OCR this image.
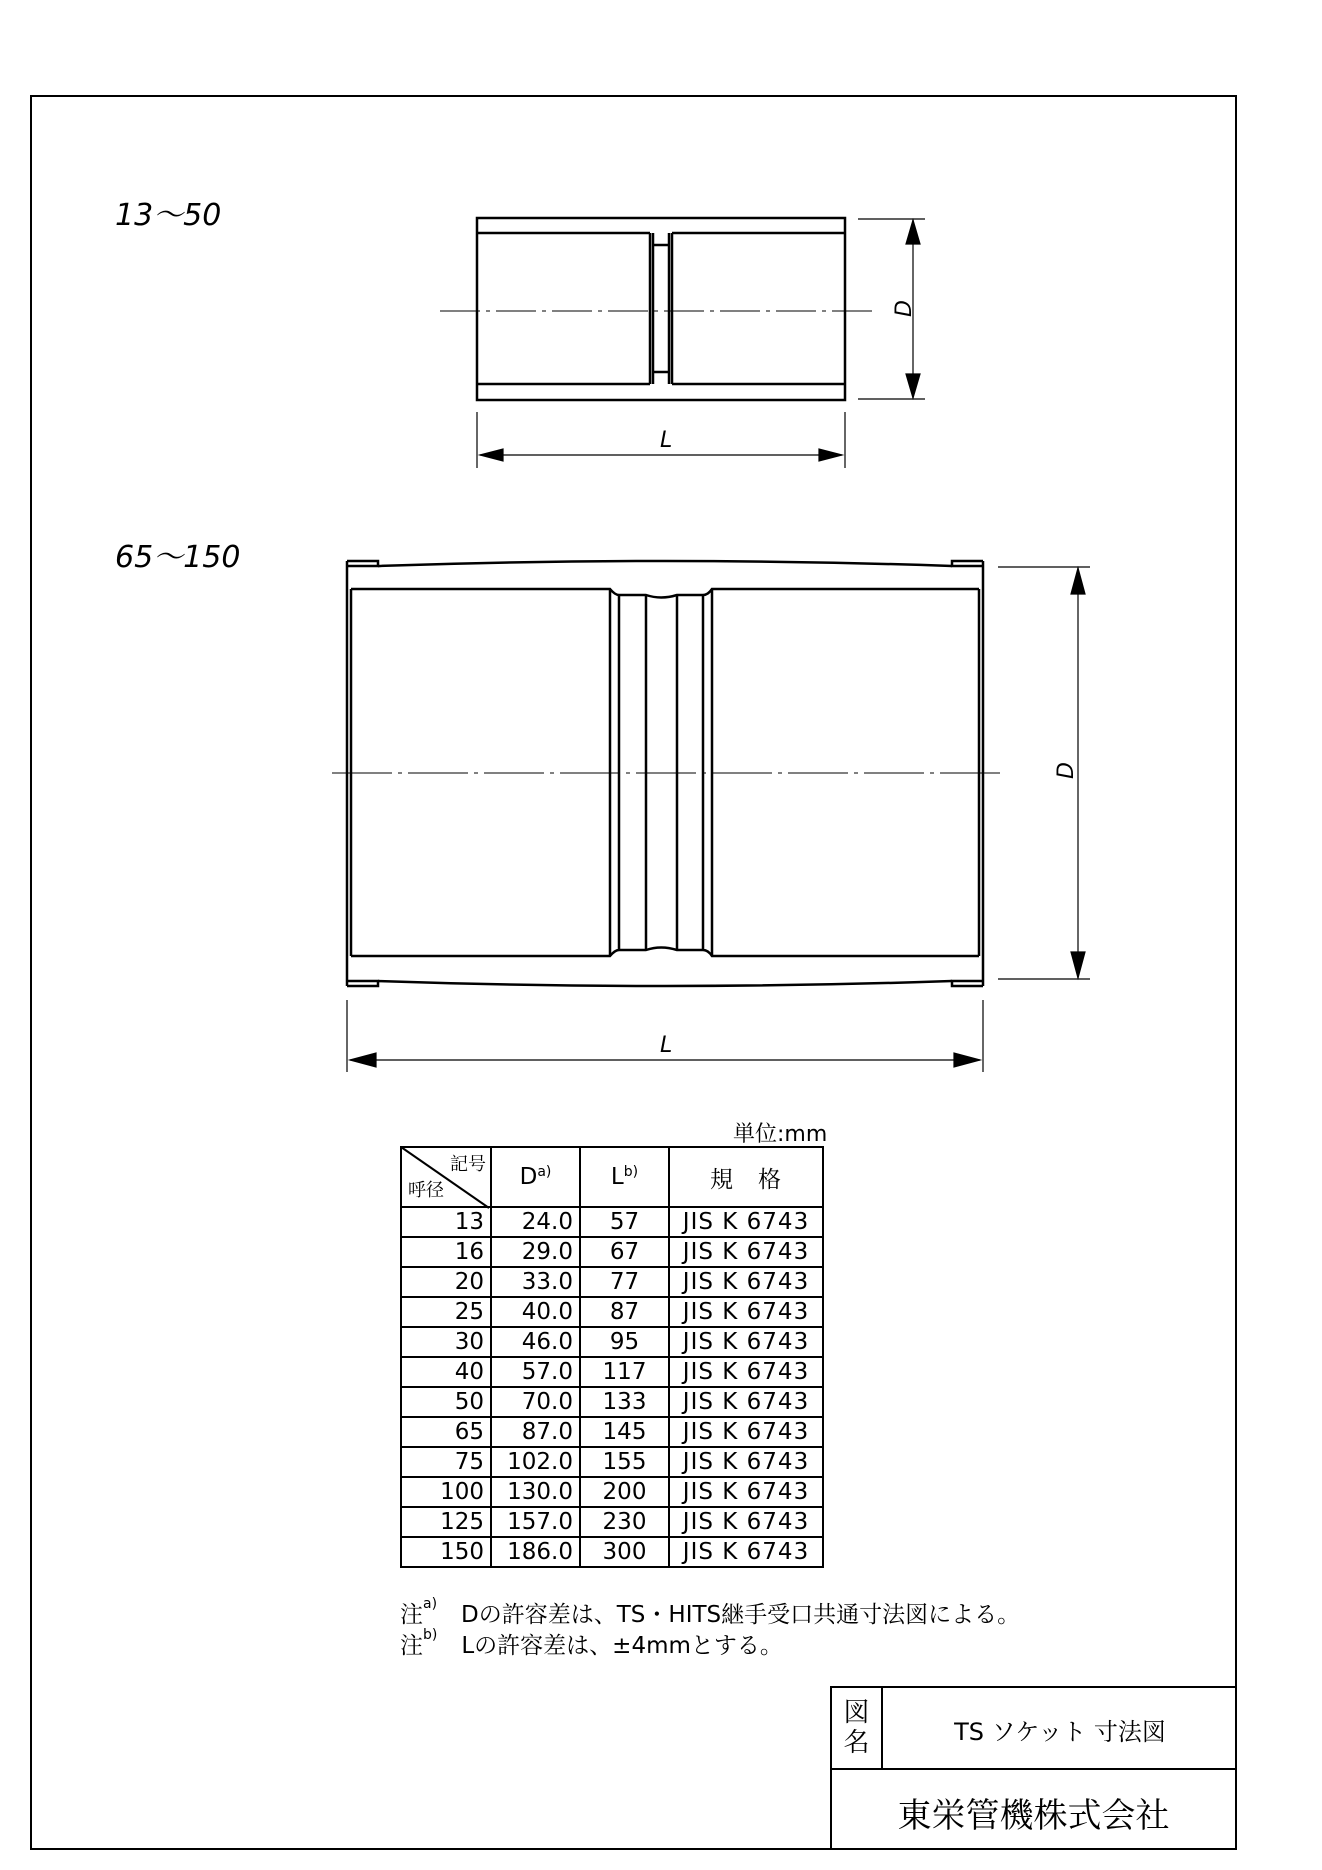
13～50
D
L
65～150
D
L
単位:mm
記号
呼径	$D^{a)}$	$L^{b)}$	規　格
13	24.0	57	JIS K 6743
16	29.0	67	JIS K 6743
20	33.0	77	JIS K 6743
25	40.0	87	JIS K 6743
30	46.0	95	JIS K 6743
40	57.0	117	JIS K 6743
50	70.0	133	JIS K 6743
65	87.0	145	JIS K 6743
75	102.0	155	JIS K 6743
100	130.0	200	JIS K 6743
125	157.0	230	JIS K 6743
150	186.0	300	JIS K 6743
注$^{a)}$ Dの許容差は、TS・HITS継手受口共通寸法図による。
注$^{b)}$ Lの許容差は、±4mmとする。
図
名	TS ソケット 寸法図
東栄管機株式会社
